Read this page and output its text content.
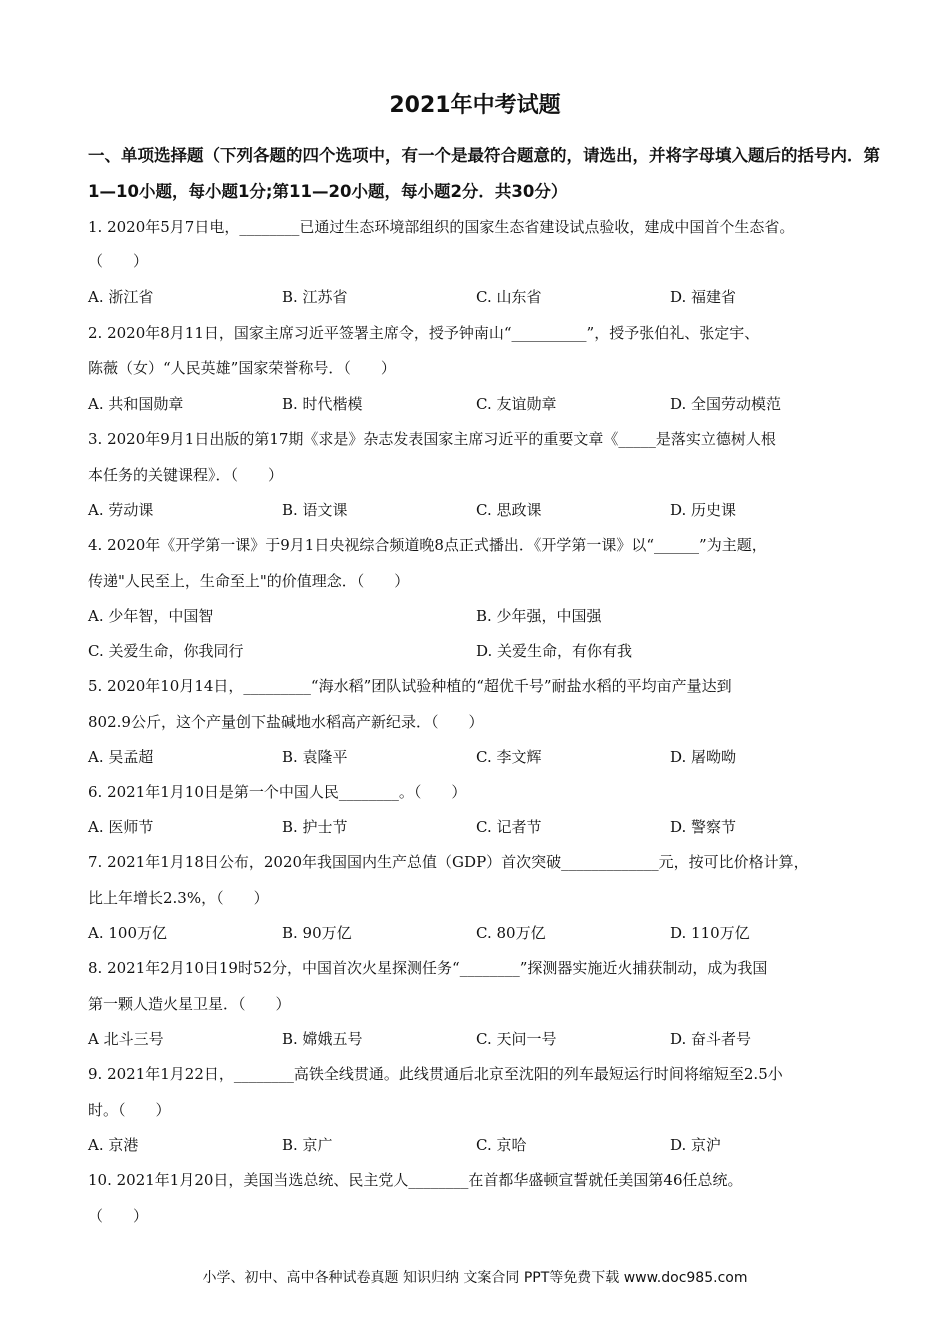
2021年中考试题
一、单项选择题（下列各题的四个选项中，有一个是最符合题意的，请选出，并将字母填入题后的括号内．第1—10小题，每小题1分;第11—20小题，每小题2分．共30分）
1. 2020年5月7日电，________已通过生态环境部组织的国家生态省建设试点验收，建成中国首个生态省。
（　　）
A. 浙江省	B. 江苏省	C. 山东省	D. 福建省
2. 2020年8月11日，国家主席习近平签署主席令，授予钟南山“__________”，授予张伯礼、张定宇、
陈薇（女）“人民英雄”国家荣誉称号．（　　）
A. 共和国勋章	B. 时代楷模	C. 友谊勋章	D. 全国劳动模范
3. 2020年9月1日出版的第17期《求是》杂志发表国家主席习近平的重要文章《_____是落实立德树人根
本任务的关键课程》．（　　）
A. 劳动课	B. 语文课	C. 思政课	D. 历史课
4. 2020年《开学第一课》于9月1日央视综合频道晚8点正式播出．《开学第一课》以“______”为主题，
传递"人民至上，生命至上"的价值理念．（　　）
A. 少年智，中国智	B. 少年强，中国强
C. 关爱生命，你我同行	D. 关爱生命，有你有我
5. 2020年10月14日，_________“海水稻”团队试验种植的“超优千号”耐盐水稻的平均亩产量达到
802.9公斤，这个产量创下盐碱地水稻高产新纪录．（　　）
A. 吴孟超	B. 袁隆平	C. 李文辉	D. 屠呦呦
6. 2021年1月10日是第一个中国人民________。（　　）
A. 医师节	B. 护士节	C. 记者节	D. 警察节
7. 2021年1月18日公布，2020年我国国内生产总值（GDP）首次突破_____________元，按可比价格计算，
比上年增长2.3%，（　　）
A. 100万亿	B. 90万亿	C. 80万亿	D. 110万亿
8. 2021年2月10日19时52分，中国首次火星探测任务“________”探测器实施近火捕获制动，成为我国
第一颗人造火星卫星．（　　）
A 北斗三号	B. 嫦娥五号	C. 天问一号	D. 奋斗者号
9. 2021年1月22日，________高铁全线贯通。此线贯通后北京至沈阳的列车最短运行时间将缩短至2.5小
时。（　　）
A. 京港	B. 京广	C. 京哈	D. 京沪
10. 2021年1月20日，美国当选总统、民主党人________在首都华盛顿宣誓就任美国第46任总统。
（　　）
小学、初中、高中各种试卷真题 知识归纳 文案合同 PPT等免费下载 www.doc985.com
